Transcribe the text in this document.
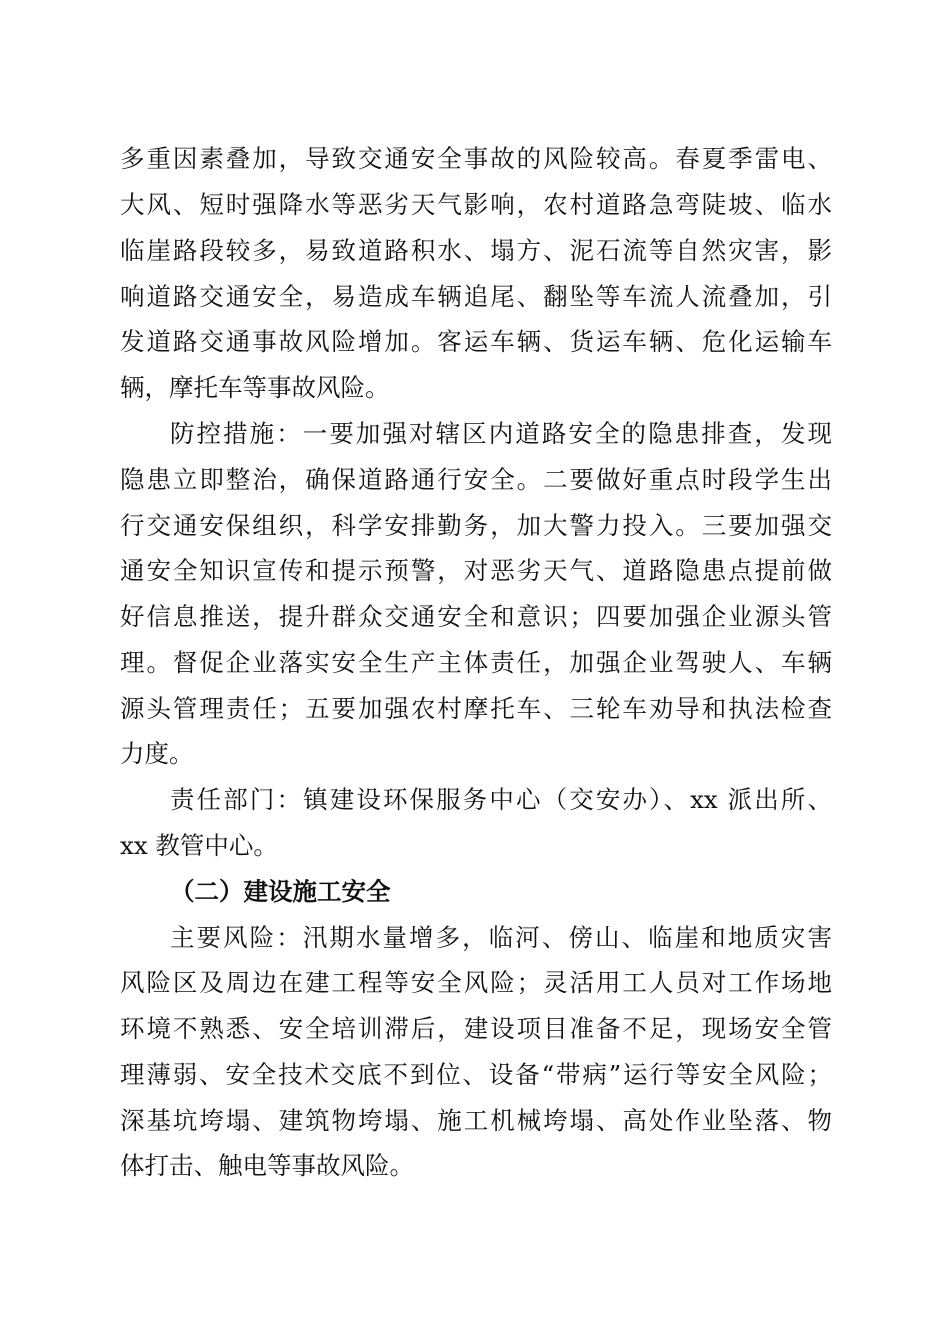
多重因素叠加，导致交通安全事故的风险较高。春夏季雷电、
大风、短时强降水等恶劣天气影响，农村道路急弯陡坡、临水
临崖路段较多，易致道路积水、塌方、泥石流等自然灾害，影
响道路交通安全，易造成车辆追尾、翻坠等车流人流叠加，引
发道路交通事故风险增加。客运车辆、货运车辆、危化运输车
辆，摩托车等事故风险。
防控措施：一要加强对辖区内道路安全的隐患排查，发现
隐患立即整治，确保道路通行安全。二要做好重点时段学生出
行交通安保组织，科学安排勤务，加大警力投入。三要加强交
通安全知识宣传和提示预警，对恶劣天气、道路隐患点提前做
好信息推送，提升群众交通安全和意识；四要加强企业源头管
理。督促企业落实安全生产主体责任，加强企业驾驶人、车辆
源头管理责任；五要加强农村摩托车、三轮车劝导和执法检查
力度。
责任部门：镇建设环保服务中心（交安办）、xx 派出所、
xx 教管中心。
（二）建设施工安全
主要风险：汛期水量增多，临河、傍山、临崖和地质灾害
风险区及周边在建工程等安全风险；灵活用工人员对工作场地
环境不熟悉、安全培训滞后，建设项目准备不足，现场安全管
理薄弱、安全技术交底不到位、设备“带病”运行等安全风险；
深基坑垮塌、建筑物垮塌、施工机械垮塌、高处作业坠落、物
体打击、触电等事故风险。
